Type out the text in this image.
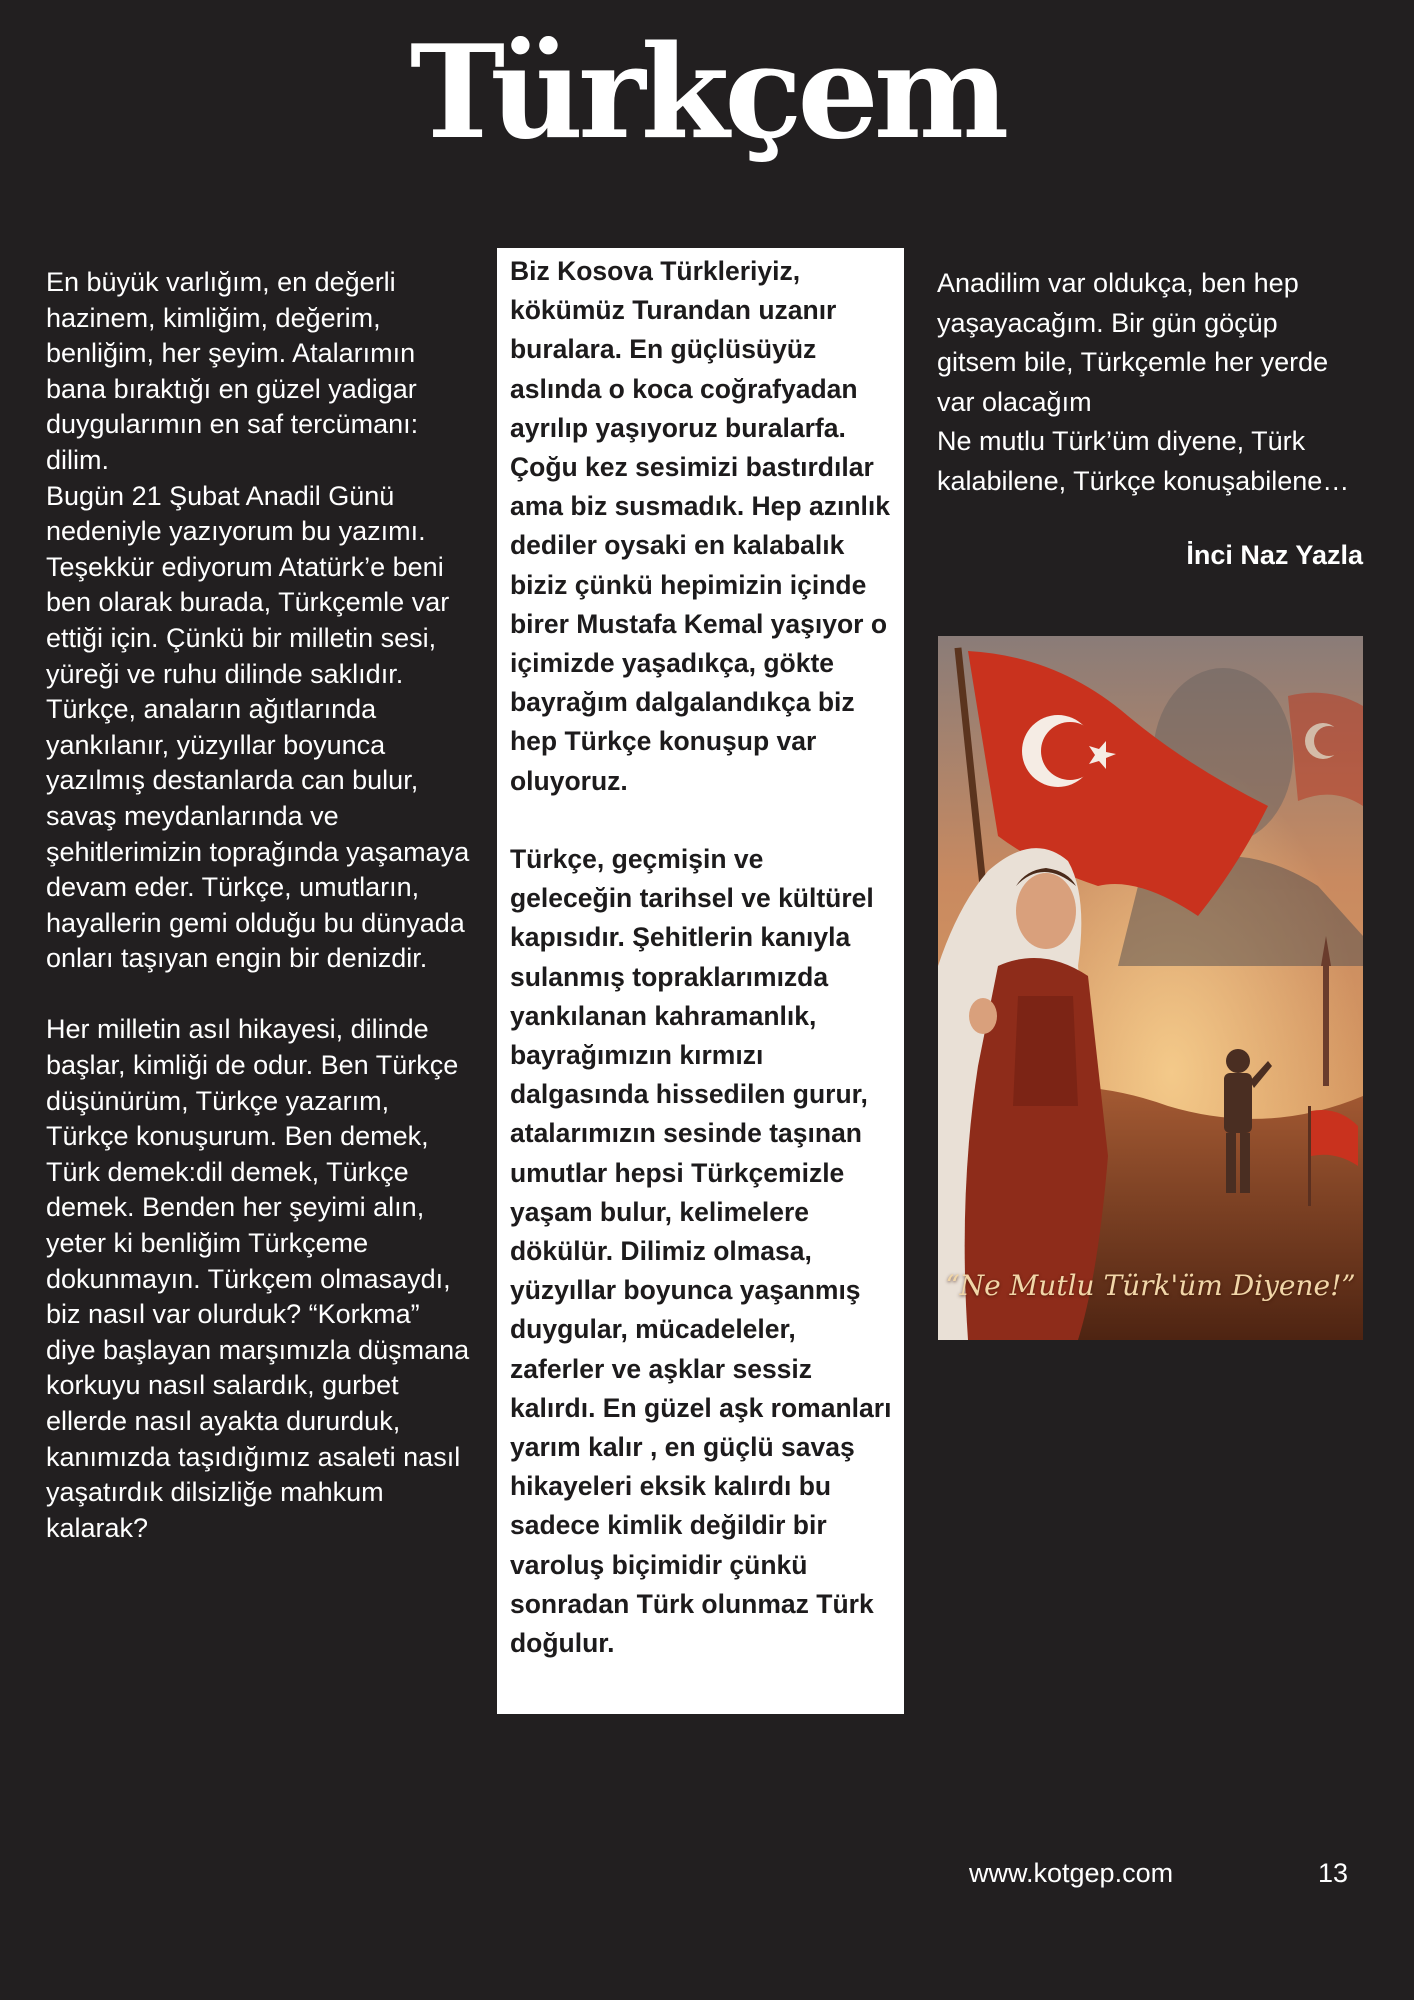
Türkçem

En büyük varlığım, en değerli hazinem, kimliğim, değerim, benliğim, her şeyim. Atalarımın bana bıraktığı en güzel yadigar duygularımın en saf tercümanı: dilim.

Bugün 21 Şubat Anadil Günü nedeniyle yazıyorum bu yazımı. Teşekkür ediyorum Atatürk’e beni ben olarak burada, Türkçemle var ettiği için. Çünkü bir milletin sesi, yüreği ve ruhu dilinde saklıdır. Türkçe, anaların ağıtlarında yankılanır, yüzyıllar boyunca yazılmış destanlarda can bulur, savaş meydanlarında ve şehitlerimizin toprağında yaşamaya devam eder. Türkçe, umutların, hayallerin gemi olduğu bu dünyada onları taşıyan engin bir denizdir.

Her milletin asıl hikayesi, dilinde başlar, kimliği de odur. Ben Türkçe düşünürüm, Türkçe yazarım, Türkçe konuşurum. Ben demek, Türk demek:dil demek, Türkçe demek. Benden her şeyimi alın, yeter ki benliğim Türkçeme dokunmayın. Türkçem olmasaydı, biz nasıl var olurduk? “Korkma” diye başlayan marşımızla düşmana korkuyu nasıl salardık, gurbet ellerde nasıl ayakta dururduk, kanımızda taşıdığımız asaleti nasıl yaşatırdık dilsizliğe mahkum kalarak?

Biz Kosova Türkleriyiz, kökümüz Turandan uzanır buralara. En güçlüsüyüz aslında o koca coğrafyadan ayrılıp yaşıyoruz buralarfa. Çoğu kez sesimizi bastırdılar ama biz susmadık. Hep azınlık dediler oysaki en kalabalık biziz çünkü hepimizin içinde birer Mustafa Kemal yaşıyor o içimizde yaşadıkça, gökte bayrağım dalgalandıkça biz hep Türkçe konuşup var oluyoruz.

Türkçe, geçmişin ve geleceğin tarihsel ve kültürel kapısıdır. Şehitlerin kanıyla sulanmış topraklarımızda yankılanan kahramanlık, bayrağımızın kırmızı dalgasında hissedilen gurur, atalarımızın sesinde taşınan umutlar hepsi Türkçemizle yaşam bulur, kelimelere dökülür. Dilimiz olmasa, yüzyıllar boyunca yaşanmış duygular, mücadeleler, zaferler ve aşklar sessiz kalırdı. En güzel aşk romanları yarım kalır , en güçlü savaş hikayeleri eksik kalırdı bu sadece kimlik değildir bir varoluş biçimidir çünkü sonradan Türk olunmaz Türk doğulur.

Anadilim var oldukça, ben hep yaşayacağım. Bir gün göçüp gitsem bile, Türkçemle her yerde var olacağım

Ne mutlu Türk’üm diyene, Türk kalabilene, Türkçe konuşabilene…

İnci Naz Yazla
“Ne Mutlu Türk'üm Diyene!”
www.kotgep.com	13
